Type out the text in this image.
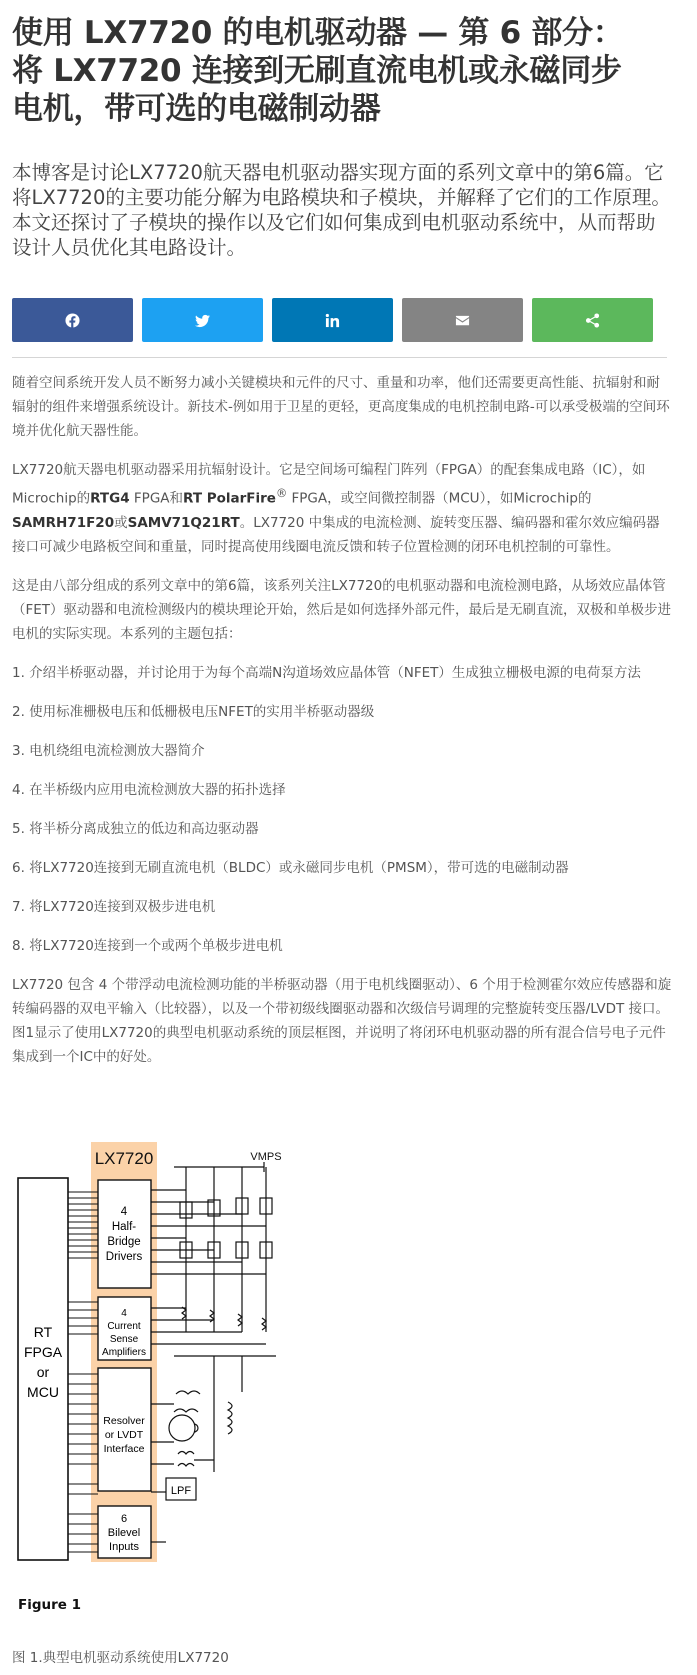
使用 LX7720 的电机驱动器 — 第 6 部分：将 LX7720 连接到无刷直流电机或永磁同步电机，带可选的电磁制动器

本博客是讨论LX7720航天器电机驱动器实现方面的系列文章中的第6篇。它将LX7720的主要功能分解为电路模块和子模块，并解释了它们的工作原理。本文还探讨了子模块的操作以及它们如何集成到电机驱动系统中，从而帮助设计人员优化其电路设计。

随着空间系统开发人员不断努力减小关键模块和元件的尺寸、重量和功率，他们还需要更高性能、抗辐射和耐辐射的组件来增强系统设计。新技术-例如用于卫星的更轻，更高度集成的电机控制电路-可以承受极端的空间环境并优化航天器性能。

LX7720航天器电机驱动器采用抗辐射设计。它是空间场可编程门阵列（FPGA）的配套集成电路（IC），如Microchip的RTG4 FPGA和RT PolarFire® FPGA，或空间微控制器（MCU），如Microchip的SAMRH71F20或SAMV71Q21RT。LX7720 中集成的电流检测、旋转变压器、编码器和霍尔效应编码器接口可减少电路板空间和重量，同时提高使用线圈电流反馈和转子位置检测的闭环电机控制的可靠性。

这是由八部分组成的系列文章中的第6篇，该系列关注LX7720的电机驱动器和电流检测电路，从场效应晶体管（FET）驱动器和电流检测级内的模块理论开始，然后是如何选择外部元件，最后是无刷直流，双极和单极步进电机的实际实现。本系列的主题包括：

1. 介绍半桥驱动器，并讨论用于为每个高端N沟道场效应晶体管（NFET）生成独立栅极电源的电荷泵方法

2. 使用标准栅极电压和低栅极电压NFET的实用半桥驱动器级

3. 电机绕组电流检测放大器简介

4. 在半桥级内应用电流检测放大器的拓扑选择

5. 将半桥分离成独立的低边和高边驱动器

6. 将LX7720连接到无刷直流电机（BLDC）或永磁同步电机（PMSM），带可选的电磁制动器

7. 将LX7720连接到双极步进电机

8. 将LX7720连接到一个或两个单极步进电机

LX7720 包含 4 个带浮动电流检测功能的半桥驱动器（用于电机线圈驱动）、6 个用于检测霍尔效应传感器和旋转编码器的双电平输入（比较器），以及一个带初级线圈驱动器和次级信号调理的完整旋转变压器/LVDT 接口。图1显示了使用LX7720的典型电机驱动系统的顶层框图，并说明了将闭环电机驱动器的所有混合信号电子元件集成到一个IC中的好处。

LX7720	VMPS
RT
FPGA
or
MCU
4
Half-
Bridge
Drivers
4
Current
Sense
Amplifiers
Resolver
or LVDT
Interface
6
Bilevel
Inputs
LPF
Figure 1
图 1.典型电机驱动系统使用LX7720
